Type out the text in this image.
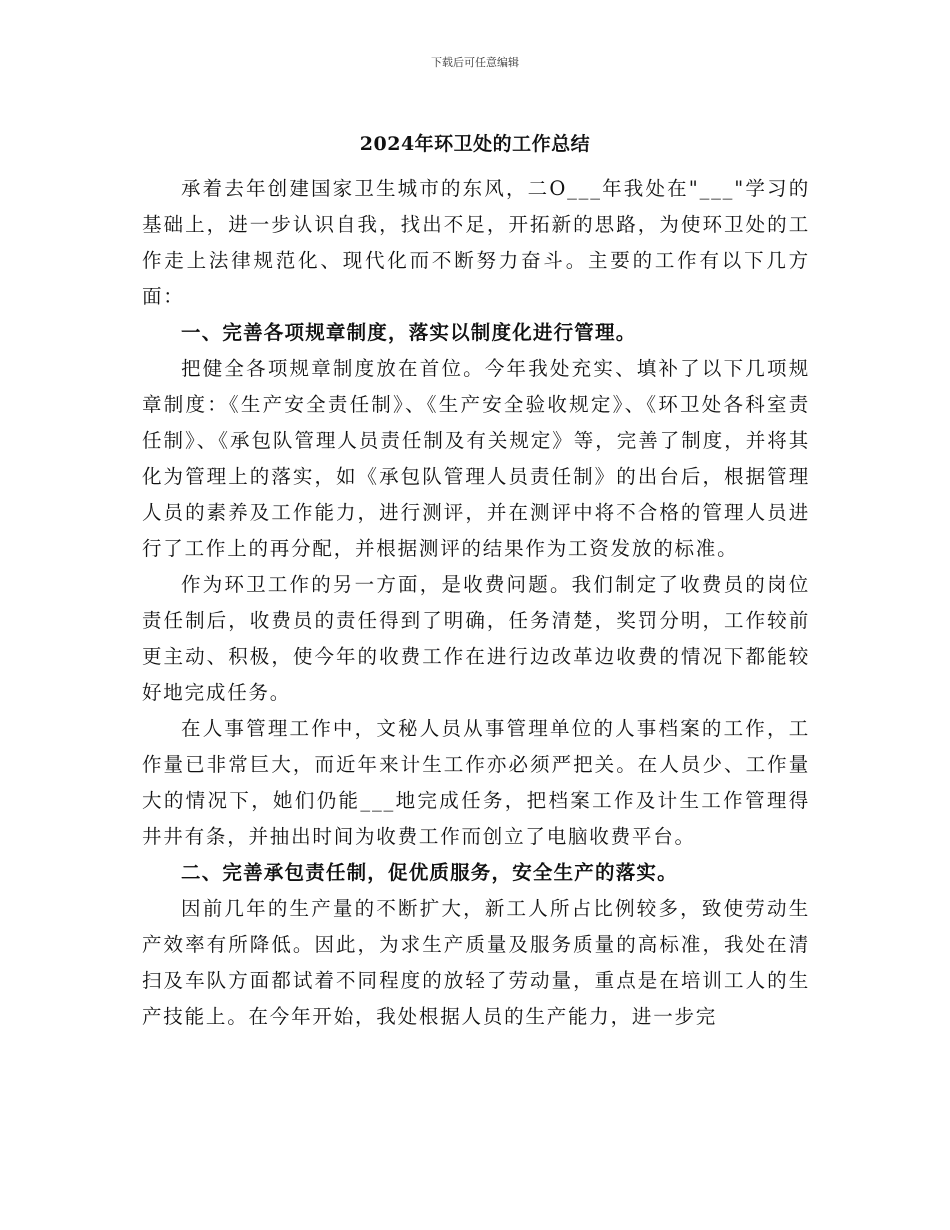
下载后可任意编辑
2024年环卫处的工作总结

承着去年创建国家卫生城市的东风，二O___年我处在"___"学习的基础上，进一步认识自我，找出不足，开拓新的思路，为使环卫处的工作走上法律规范化、现代化而不断努力奋斗。主要的工作有以下几方面：

一、完善各项规章制度，落实以制度化进行管理。

把健全各项规章制度放在首位。今年我处充实、填补了以下几项规章制度：《生产安全责任制》、《生产安全验收规定》、《环卫处各科室责任制》、《承包队管理人员责任制及有关规定》等，完善了制度，并将其化为管理上的落实，如《承包队管理人员责任制》的出台后，根据管理人员的素养及工作能力，进行测评，并在测评中将不合格的管理人员进行了工作上的再分配，并根据测评的结果作为工资发放的标准。

作为环卫工作的另一方面，是收费问题。我们制定了收费员的岗位责任制后，收费员的责任得到了明确，任务清楚，奖罚分明，工作较前更主动、积极，使今年的收费工作在进行边改革边收费的情况下都能较好地完成任务。

在人事管理工作中，文秘人员从事管理单位的人事档案的工作，工作量已非常巨大，而近年来计生工作亦必须严把关。在人员少、工作量大的情况下，她们仍能___地完成任务，把档案工作及计生工作管理得井井有条，并抽出时间为收费工作而创立了电脑收费平台。

二、完善承包责任制，促优质服务，安全生产的落实。

因前几年的生产量的不断扩大，新工人所占比例较多，致使劳动生产效率有所降低。因此，为求生产质量及服务质量的高标准，我处在清扫及车队方面都试着不同程度的放轻了劳动量，重点是在培训工人的生产技能上。在今年开始，我处根据人员的生产能力，进一步完
